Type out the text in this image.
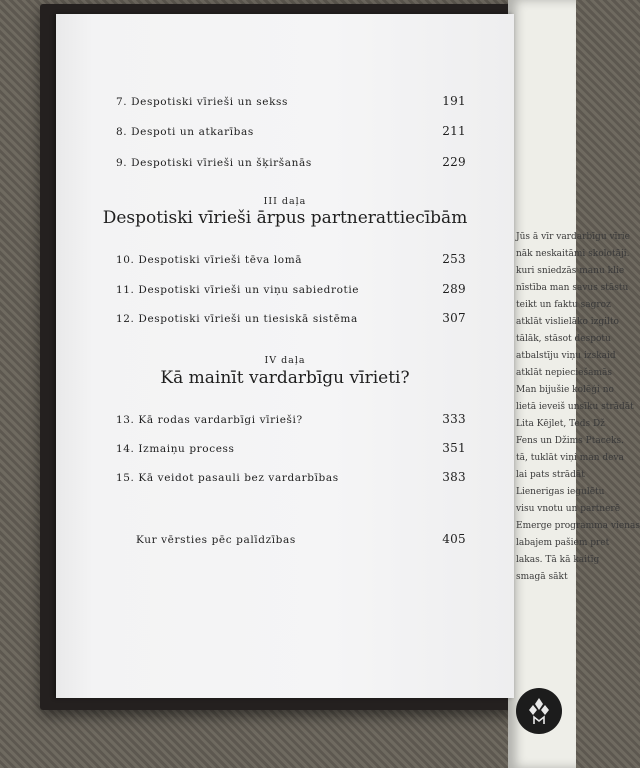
Jūs ā vīr vardarbīgu vīrie
nāk neskaitāmi skolotāji.
kuri sniedzās manu klie
nīstība man savus stāstu
teikt un faktu sagroz
atklāt vislielāko izgilto
tālāk, stāsot despotu
atbalstīju viņu izskaid
atklāt nepieciešamās
Man bijušie kolēģi no
lietā ieveiš unsīku strādāt
Lita Kējlet, Teds Dž
Fens un Džims Ptaceks.
tā, tuklāt viņi man deva
lai pats strādāt
Lienerigas iegulētu
visu vnotu un partnerē
Emerge programma vienas
labajem pašiem pret
lakas. Tā kā kaitīg
smagā sākt
7. Despotiski vīrieši un sekss	191
8. Despoti un atkarības	211
9. Despotiski vīrieši un šķiršanās	229
III daļa
Despotiski vīrieši ārpus partnerattiecībām
10. Despotiski vīrieši tēva lomā	253
11. Despotiski vīrieši un viņu sabiedrotie	289
12. Despotiski vīrieši un tiesiskā sistēma	307
IV daļa
Kā mainīt vardarbīgu vīrieti?
13. Kā rodas vardarbīgi vīrieši?	333
14. Izmaiņu process	351
15. Kā veidot pasauli bez vardarbības	383
Kur vērsties pēc palīdzības	405
